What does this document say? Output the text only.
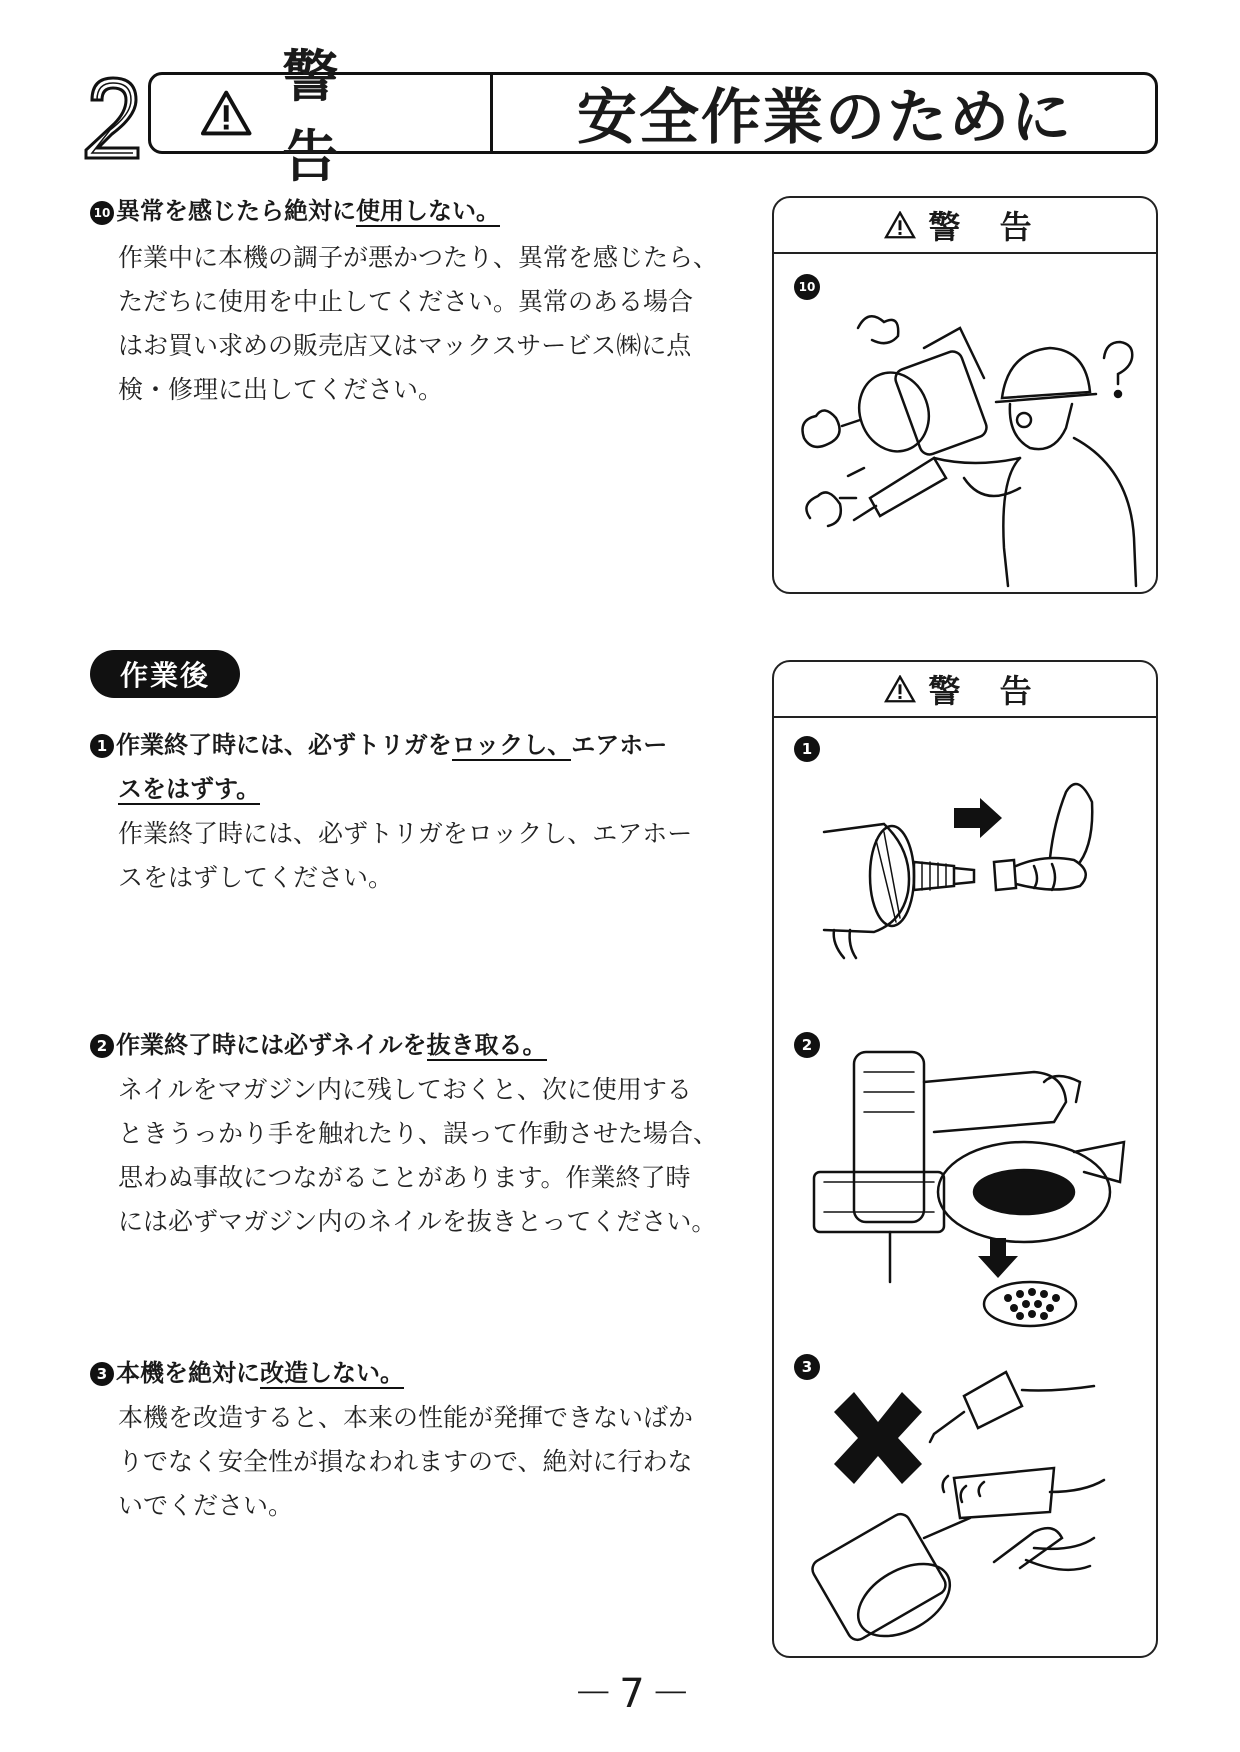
警 告
安全作業のために
10 異常を感じたら絶対に使用しない。
作業中に本機の調子が悪かつたり、異常を感じたら、
ただちに使用を中止してください。異常のある場合
はお買い求めの販売店又はマックスサービス㈱に点
検・修理に出してください。
警 告
10
作業後
1 作業終了時には、必ずトリガをロックし、エアホー
スをはずす。
作業終了時には、必ずトリガをロックし、エアホー
スをはずしてください。
2 作業終了時には必ずネイルを抜き取る。
ネイルをマガジン内に残しておくと、次に使用する
ときうっかり手を触れたり、誤って作動させた場合、
思わぬ事故につながることがあります。作業終了時
には必ずマガジン内のネイルを抜きとってください。
3 本機を絶対に改造しない。
本機を改造すると、本来の性能が発揮できないばか
りでなく安全性が損なわれますので、絶対に行わな
いでください。
警 告
1
2
3
－7－
